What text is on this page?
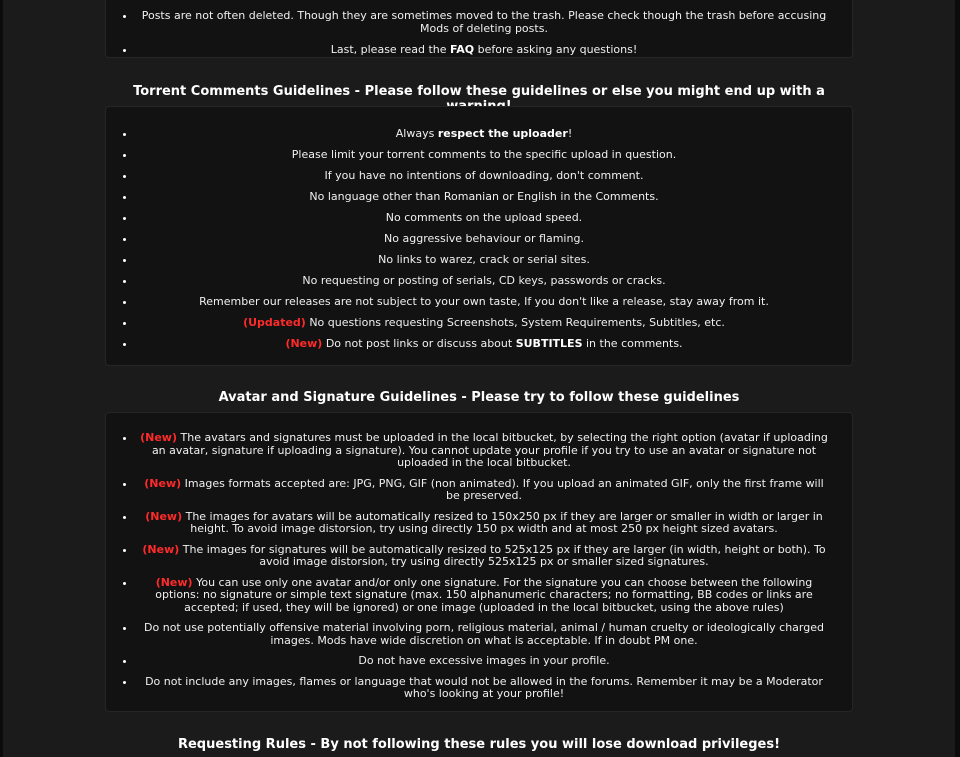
• Posts are not often deleted. Though they are sometimes moved to the trash. Please check though the trash before accusing Mods of deleting posts.
• Last, please read the FAQ before asking any questions!
Torrent Comments Guidelines - Please follow these guidelines or else you might end up with a
• Always respect the uploader!
• Please limit your torrent comments to the specific upload in question.
• If you have no intentions of downloading, don't comment.
• No language other than Romanian or English in the Comments.
• No comments on the upload speed.
• No aggressive behaviour or flaming.
• No links to warez, crack or serial sites.
• No requesting or posting of serials, CD keys, passwords or cracks.
• Remember our releases are not subject to your own taste, If you don't like a release, stay away from it.
• (Updated) No questions requesting Screenshots, System Requirements, Subtitles, etc.
• (New) Do not post links or discuss about SUBTITLES in the comments.
Avatar and Signature Guidelines - Please try to follow these guidelines
• (New) The avatars and signatures must be uploaded in the local bitbucket, by selecting the right option (avatar if uploading an avatar, signature if uploading a signature). You cannot update your profile if you try to use an avatar or signature not uploaded in the local bitbucket.
• (New) Images formats accepted are: JPG, PNG, GIF (non animated). If you upload an animated GIF, only the first frame will be preserved.
• (New) The images for avatars will be automatically resized to 150x250 px if they are larger or smaller in width or larger in height. To avoid image distorsion, try using directly 150 px width and at most 250 px height sized avatars.
• (New) The images for signatures will be automatically resized to 525x125 px if they are larger (in width, height or both). To avoid image distorsion, try using directly 525x125 px or smaller sized signatures.
• (New) You can use only one avatar and/or only one signature. For the signature you can choose between the following options: no signature or simple text signature (max. 150 alphanumeric characters; no formatting, BB codes or links are accepted; if used, they will be ignored) or one image (uploaded in the local bitbucket, using the above rules)
• Do not use potentially offensive material involving porn, religious material, animal / human cruelty or ideologically charged images. Mods have wide discretion on what is acceptable. If in doubt PM one.
• Do not have excessive images in your profile.
• Do not include any images, flames or language that would not be allowed in the forums. Remember it may be a Moderator who's looking at your profile!
Requesting Rules - By not following these rules you will lose download privileges!
